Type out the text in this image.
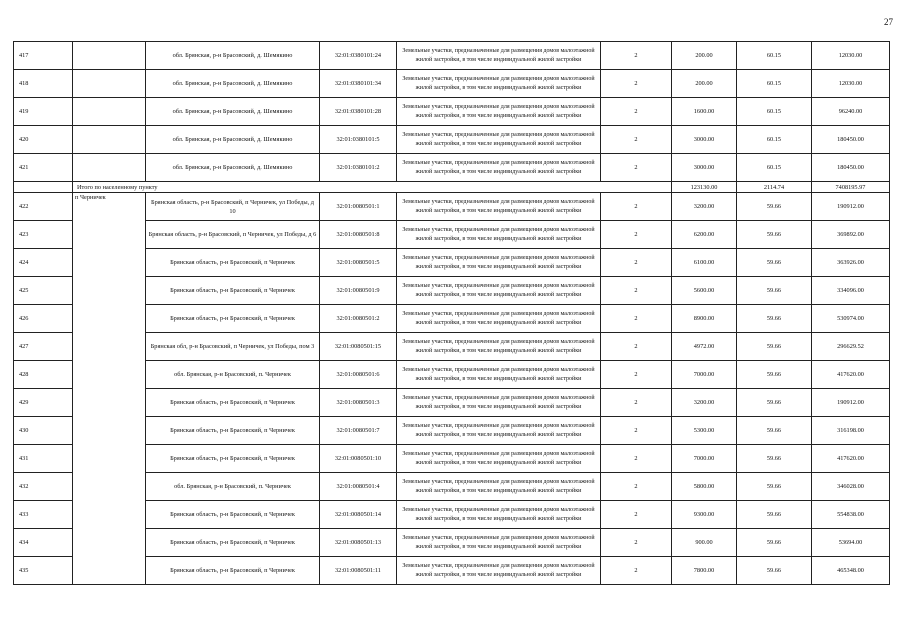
27
417		обл. Брянская, р-н Брасовский, д. Шемякино	32:01:0380101:24	Земельные участки, предназначенные для размещения домов малоэтажной жилой застройки, в том числе индивидуальной жилой застройки	2	200.00	60.15	12030.00
418		обл. Брянская, р-н Брасовский, д. Шемякино	32:01:0380101:34	Земельные участки, предназначенные для размещения домов малоэтажной жилой застройки, в том числе индивидуальной жилой застройки	2	200.00	60.15	12030.00
419		обл. Брянская, р-н Брасовский, д. Шемякино	32:01:0380101:28	Земельные участки, предназначенные для размещения домов малоэтажной жилой застройки, в том числе индивидуальной жилой застройки	2	1600.00	60.15	96240.00
420		обл. Брянская, р-н Брасовский, д. Шемякино	32:01:0380101:5	Земельные участки, предназначенные для размещения домов малоэтажной жилой застройки, в том числе индивидуальной жилой застройки	2	3000.00	60.15	180450.00
421		обл. Брянская, р-н Брасовский, д. Шемякино	32:01:0380101:2	Земельные участки, предназначенные для размещения домов малоэтажной жилой застройки, в том числе индивидуальной жилой застройки	2	3000.00	60.15	180450.00
	Итого по населенному пункту					123130.00	2114.74	7408195.97
422	п Черничек	Брянская область, р-н Брасовский, п Черничек, ул Победы, д 10	32:01:0080501:1	Земельные участки, предназначенные для размещения домов малоэтажной жилой застройки, в том числе индивидуальной жилой застройки	2	3200.00	59.66	190912.00
423		Брянская область, р-н Брасовский, п Черничек, ул Победы, д 6	32:01:0080501:8	Земельные участки, предназначенные для размещения домов малоэтажной жилой застройки, в том числе индивидуальной жилой застройки	2	6200.00	59.66	369892.00
424		Брянская область, р-н Брасовский, п Черничек	32:01:0080501:5	Земельные участки, предназначенные для размещения домов малоэтажной жилой застройки, в том числе индивидуальной жилой застройки	2	6100.00	59.66	363926.00
425		Брянская область, р-н Брасовский, п Черничек	32:01:0080501:9	Земельные участки, предназначенные для размещения домов малоэтажной жилой застройки, в том числе индивидуальной жилой застройки	2	5600.00	59.66	334096.00
426		Брянская область, р-н Брасовский, п Черничек	32:01:0080501:2	Земельные участки, предназначенные для размещения домов малоэтажной жилой застройки, в том числе индивидуальной жилой застройки	2	8900.00	59.66	530974.00
427		Брянская обл, р-н Брасовский, п Черничек, ул Победы, пом 3	32:01:0080501:15	Земельные участки, предназначенные для размещения домов малоэтажной жилой застройки, в том числе индивидуальной жилой застройки	2	4972.00	59.66	296629.52
428		обл. Брянская, р-н Брасовский, п. Черничек	32:01:0080501:6	Земельные участки, предназначенные для размещения домов малоэтажной жилой застройки, в том числе индивидуальной жилой застройки	2	7000.00	59.66	417620.00
429		Брянская область, р-н Брасовский, п Черничек	32:01:0080501:3	Земельные участки, предназначенные для размещения домов малоэтажной жилой застройки, в том числе индивидуальной жилой застройки	2	3200.00	59.66	190912.00
430		Брянская область, р-н Брасовский, п Черничек	32:01:0080501:7	Земельные участки, предназначенные для размещения домов малоэтажной жилой застройки, в том числе индивидуальной жилой застройки	2	5300.00	59.66	316198.00
431		Брянская область, р-н Брасовский, п Черничек	32:01:0080501:10	Земельные участки, предназначенные для размещения домов малоэтажной жилой застройки, в том числе индивидуальной жилой застройки	2	7000.00	59.66	417620.00
432		обл. Брянская, р-н Брасовский, п. Черничек	32:01:0080501:4	Земельные участки, предназначенные для размещения домов малоэтажной жилой застройки, в том числе индивидуальной жилой застройки	2	5800.00	59.66	346028.00
433		Брянская область, р-н Брасовский, п Черничек	32:01:0080501:14	Земельные участки, предназначенные для размещения домов малоэтажной жилой застройки, в том числе индивидуальной жилой застройки	2	9300.00	59.66	554838.00
434		Брянская область, р-н Брасовский, п Черничек	32:01:0080501:13	Земельные участки, предназначенные для размещения домов малоэтажной жилой застройки, в том числе индивидуальной жилой застройки	2	900.00	59.66	53694.00
435		Брянская область, р-н Брасовский, п Черничек	32:01:0080501:11	Земельные участки, предназначенные для размещения домов малоэтажной жилой застройки, в том числе индивидуальной жилой застройки	2	7800.00	59.66	465348.00
